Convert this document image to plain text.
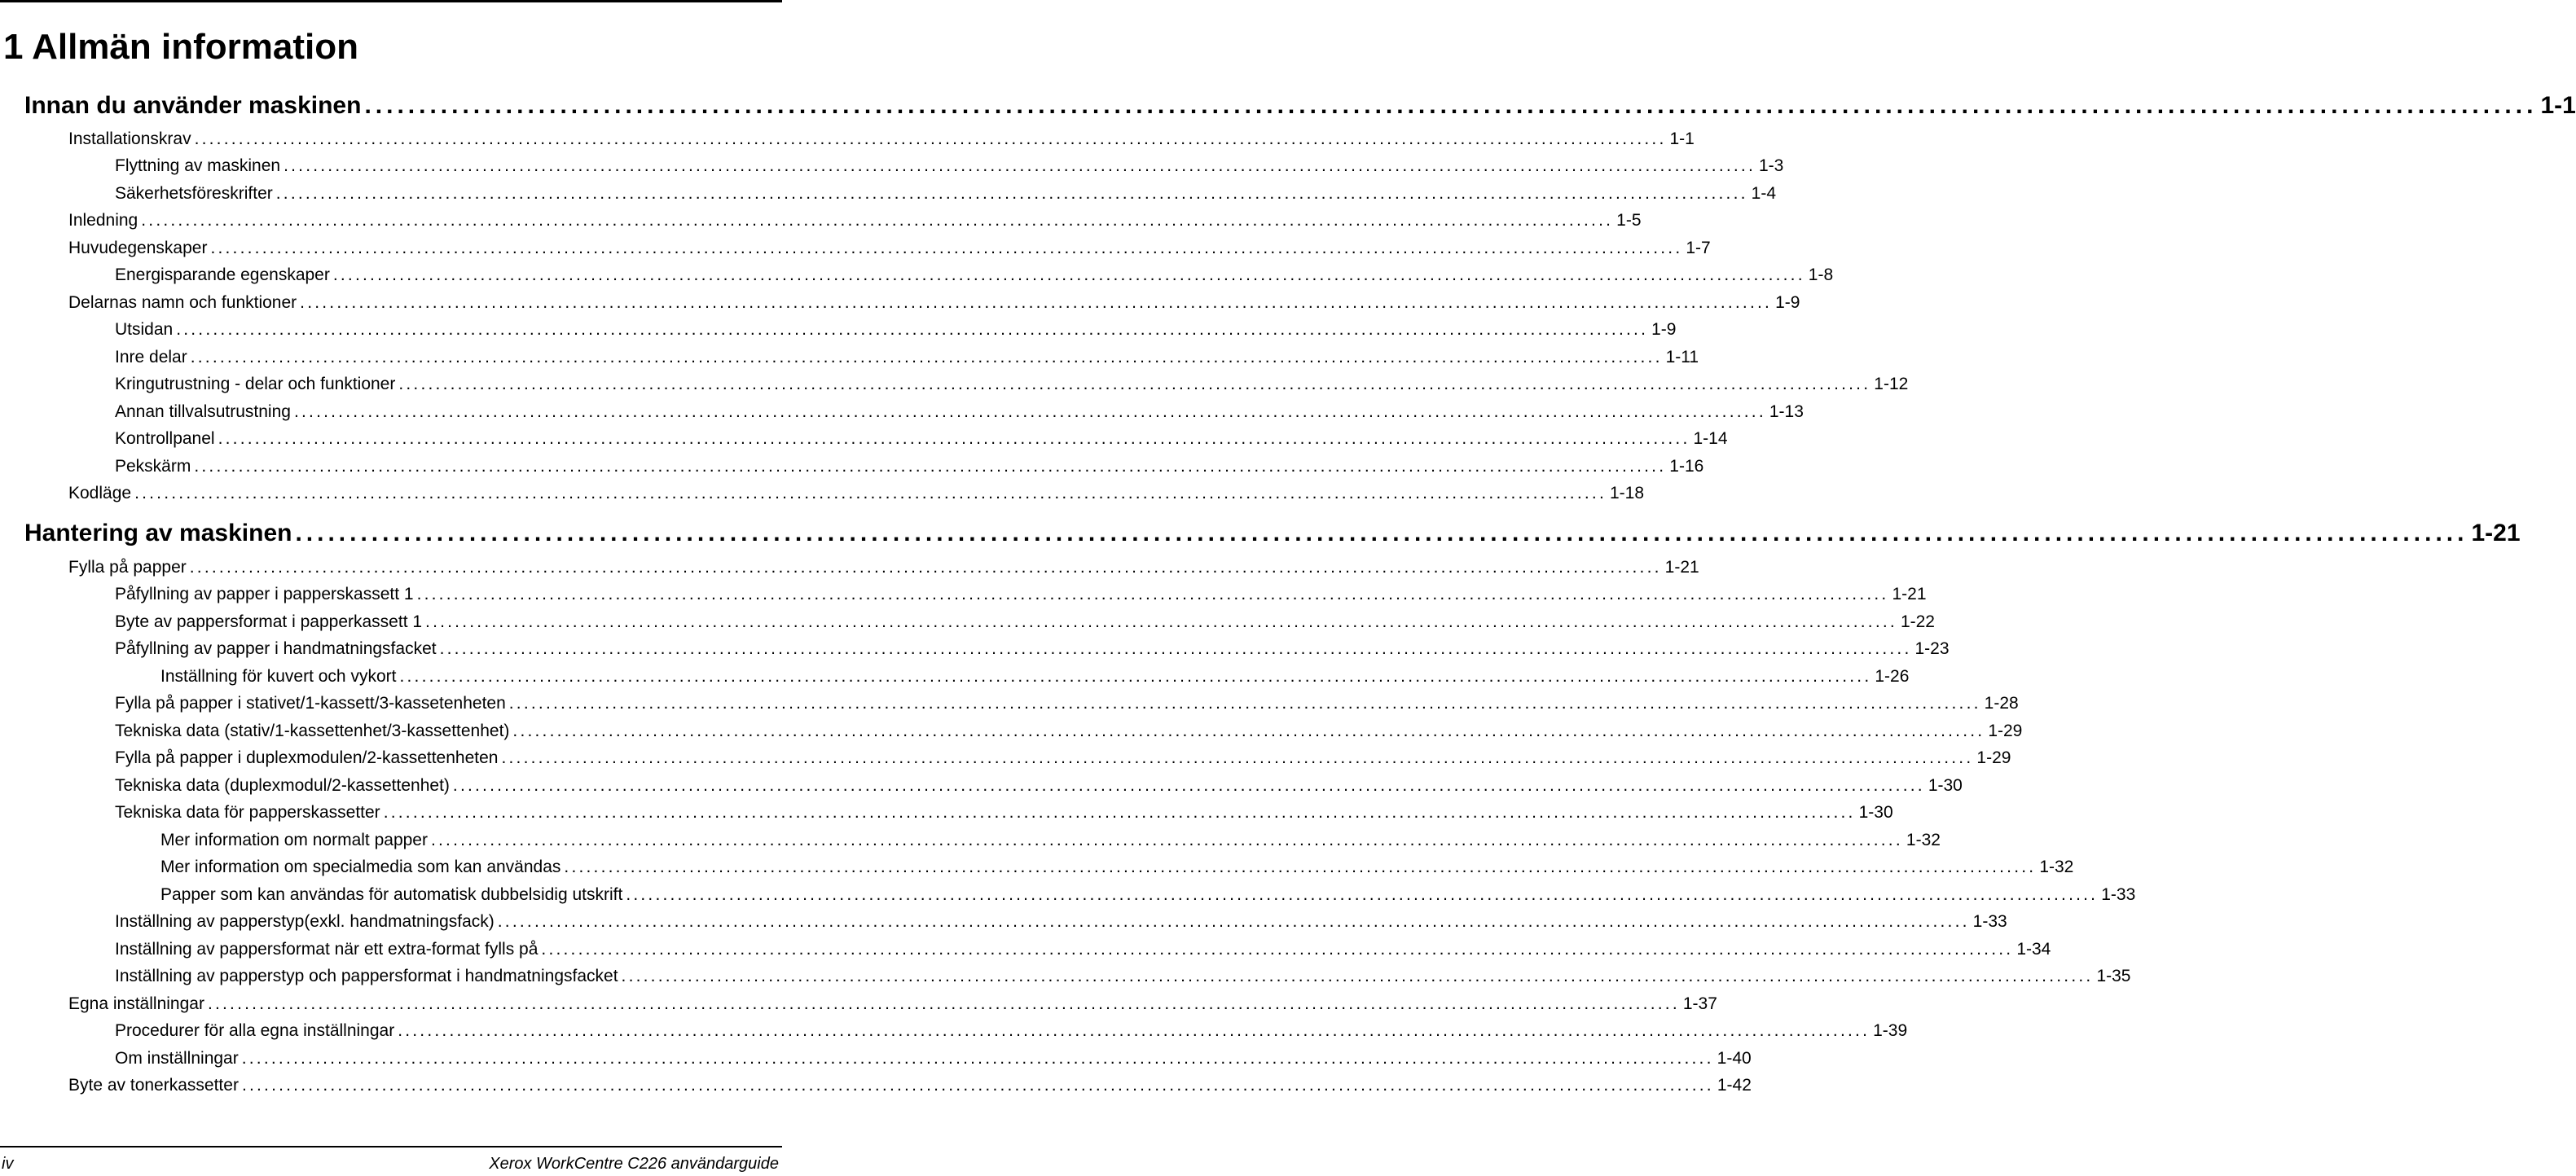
1 Allmän information
Innan du använder maskinen ........................................................................................................................................................................................................ 1-1
Installationskrav ........................................................................................................................................................................................................ 1-1
Flyttning av maskinen ........................................................................................................................................................................................................ 1-3
Säkerhetsföreskrifter ........................................................................................................................................................................................................ 1-4
Inledning ........................................................................................................................................................................................................ 1-5
Huvudegenskaper ........................................................................................................................................................................................................ 1-7
Energisparande egenskaper ........................................................................................................................................................................................................ 1-8
Delarnas namn och funktioner ........................................................................................................................................................................................................ 1-9
Utsidan ........................................................................................................................................................................................................ 1-9
Inre delar ........................................................................................................................................................................................................ 1-11
Kringutrustning - delar och funktioner ........................................................................................................................................................................................................ 1-12
Annan tillvalsutrustning ........................................................................................................................................................................................................ 1-13
Kontrollpanel ........................................................................................................................................................................................................ 1-14
Pekskärm ........................................................................................................................................................................................................ 1-16
Kodläge ........................................................................................................................................................................................................ 1-18
Hantering av maskinen ........................................................................................................................................................................................................ 1-21
Fylla på papper ........................................................................................................................................................................................................ 1-21
Påfyllning av papper i papperskassett 1 ........................................................................................................................................................................................................ 1-21
Byte av pappersformat i papperkassett 1 ........................................................................................................................................................................................................ 1-22
Påfyllning av papper i handmatningsfacket ........................................................................................................................................................................................................ 1-23
Inställning för kuvert och vykort ........................................................................................................................................................................................................ 1-26
Fylla på papper i stativet/1-kassett/3-kassetenheten ........................................................................................................................................................................................................ 1-28
Tekniska data (stativ/1-kassettenhet/3-kassettenhet) ........................................................................................................................................................................................................ 1-29
Fylla på papper i duplexmodulen/2-kassettenheten ........................................................................................................................................................................................................ 1-29
Tekniska data (duplexmodul/2-kassettenhet) ........................................................................................................................................................................................................ 1-30
Tekniska data för papperskassetter ........................................................................................................................................................................................................ 1-30
Mer information om normalt papper ........................................................................................................................................................................................................ 1-32
Mer information om specialmedia som kan användas ........................................................................................................................................................................................................ 1-32
Papper som kan användas för automatisk dubbelsidig utskrift ........................................................................................................................................................................................................ 1-33
Inställning av papperstyp(exkl. handmatningsfack) ........................................................................................................................................................................................................ 1-33
Inställning av pappersformat när ett extra-format fylls på ........................................................................................................................................................................................................ 1-34
Inställning av papperstyp och pappersformat i handmatningsfacket ........................................................................................................................................................................................................ 1-35
Egna inställningar ........................................................................................................................................................................................................ 1-37
Procedurer för alla egna inställningar ........................................................................................................................................................................................................ 1-39
Om inställningar ........................................................................................................................................................................................................ 1-40
Byte av tonerkassetter ........................................................................................................................................................................................................ 1-42
iv	Xerox WorkCentre C226 användarguide
